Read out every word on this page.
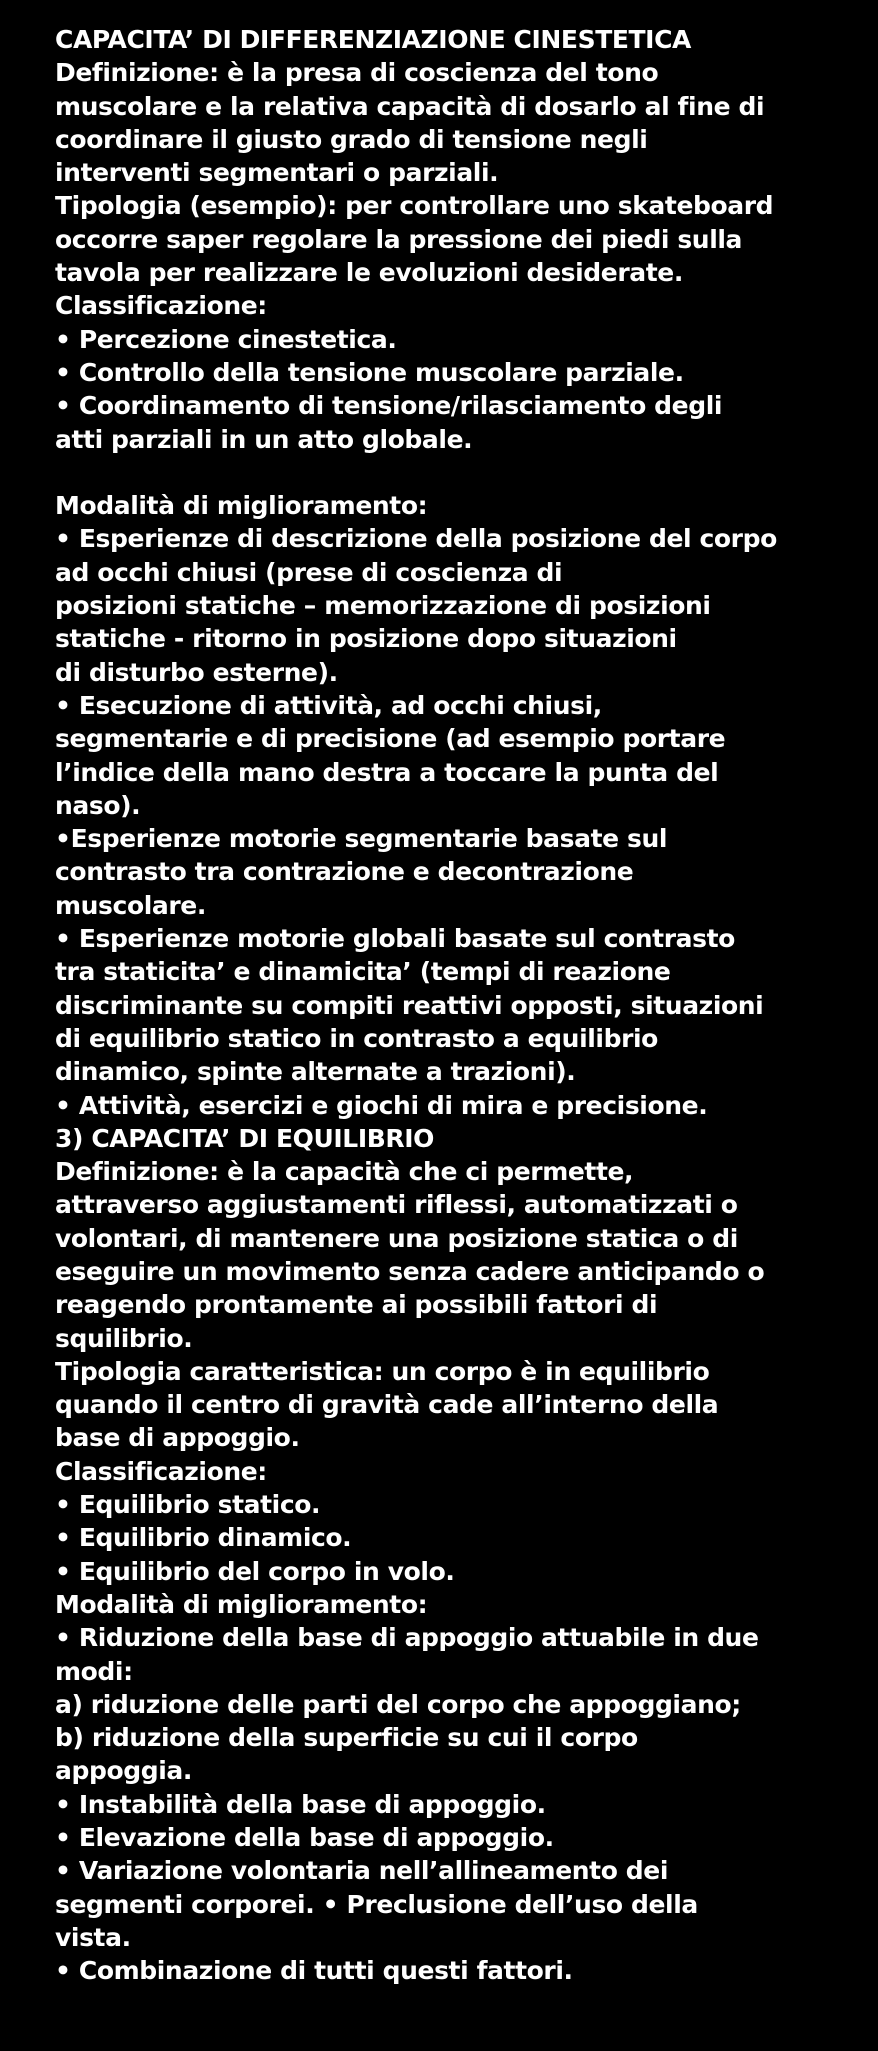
CAPACITA’ DI DIFFERENZIAZIONE CINESTETICA
Definizione: è la presa di coscienza del tono
muscolare e la relativa capacità di dosarlo al fine di
coordinare il giusto grado di tensione negli
interventi segmentari o parziali.
Tipologia (esempio): per controllare uno skateboard
occorre saper regolare la pressione dei piedi sulla
tavola per realizzare le evoluzioni desiderate.
Classificazione:
• Percezione cinestetica.
• Controllo della tensione muscolare parziale.
• Coordinamento di tensione/rilasciamento degli
atti parziali in un atto globale.
Modalità di miglioramento:
• Esperienze di descrizione della posizione del corpo
ad occhi chiusi (prese di coscienza di
posizioni statiche – memorizzazione di posizioni
statiche - ritorno in posizione dopo situazioni
di disturbo esterne).
• Esecuzione di attività, ad occhi chiusi,
segmentarie e di precisione (ad esempio portare
l’indice della mano destra a toccare la punta del
naso).
•Esperienze motorie segmentarie basate sul
contrasto tra contrazione e decontrazione
muscolare.
• Esperienze motorie globali basate sul contrasto
tra staticita’ e dinamicita’ (tempi di reazione
discriminante su compiti reattivi opposti, situazioni
di equilibrio statico in contrasto a equilibrio
dinamico, spinte alternate a trazioni).
• Attività, esercizi e giochi di mira e precisione.
3) CAPACITA’ DI EQUILIBRIO
Definizione: è la capacità che ci permette,
attraverso aggiustamenti riflessi, automatizzati o
volontari, di mantenere una posizione statica o di
eseguire un movimento senza cadere anticipando o
reagendo prontamente ai possibili fattori di
squilibrio.
Tipologia caratteristica: un corpo è in equilibrio
quando il centro di gravità cade all’interno della
base di appoggio.
Classificazione:
• Equilibrio statico.
• Equilibrio dinamico.
• Equilibrio del corpo in volo.
Modalità di miglioramento:
• Riduzione della base di appoggio attuabile in due
modi:
a) riduzione delle parti del corpo che appoggiano;
b) riduzione della superficie su cui il corpo
appoggia.
• Instabilità della base di appoggio.
• Elevazione della base di appoggio.
• Variazione volontaria nell’allineamento dei
segmenti corporei. • Preclusione dell’uso della
vista.
• Combinazione di tutti questi fattori.
